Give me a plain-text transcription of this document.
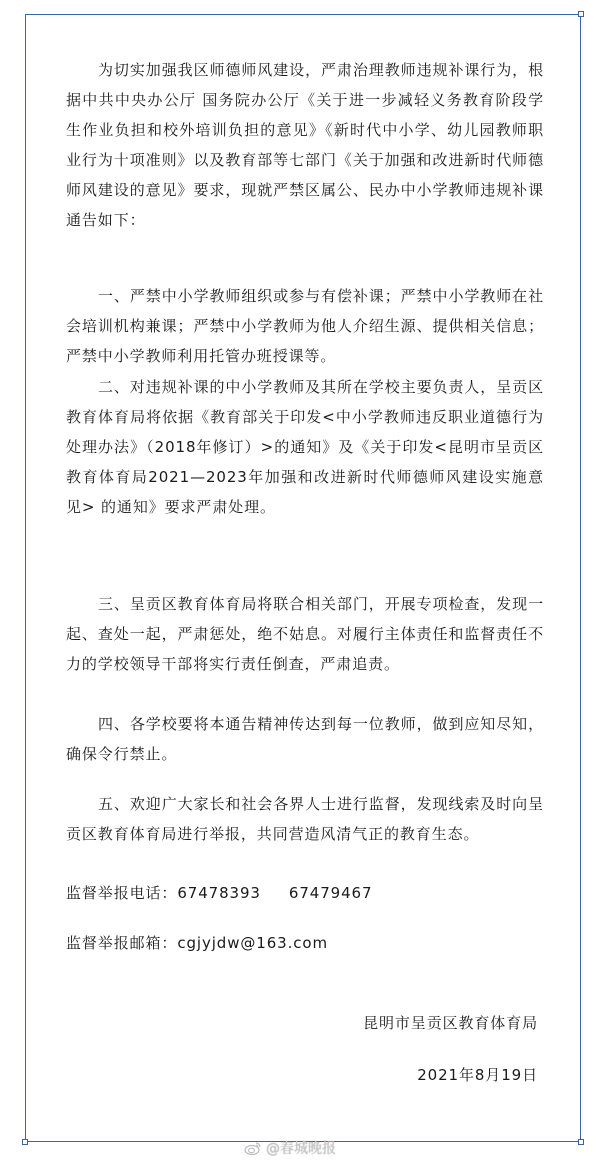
为切实加强我区师德师风建设，严肃治理教师违规补课行为，根据中共中央办公厅 国务院办公厅《关于进一步减轻义务教育阶段学生作业负担和校外培训负担的意见》《新时代中小学、幼儿园教师职业行为十项准则》以及教育部等七部门《关于加强和改进新时代师德师风建设的意见》要求，现就严禁区属公、民办中小学教师违规补课通告如下：
一、严禁中小学教师组织或参与有偿补课；严禁中小学教师在社会培训机构兼课；严禁中小学教师为他人介绍生源、提供相关信息；严禁中小学教师利用托管办班授课等。
二、对违规补课的中小学教师及其所在学校主要负责人，呈贡区教育体育局将依据《教育部关于印发<中小学教师违反职业道德行为处理办法》（2018年修订）>的通知》及《关于印发<昆明市呈贡区教育体育局2021—2023年加强和改进新时代师德师风建设实施意见> 的通知》要求严肃处理。
三、呈贡区教育体育局将联合相关部门，开展专项检查，发现一起、查处一起，严肃惩处，绝不姑息。对履行主体责任和监督责任不力的学校领导干部将实行责任倒查，严肃追责。
四、各学校要将本通告精神传达到每一位教师，做到应知尽知，确保令行禁止。
五、欢迎广大家长和社会各界人士进行监督，发现线索及时向呈贡区教育体育局进行举报，共同营造风清气正的教育生态。
监督举报电话：67478393 67479467
监督举报邮箱：cgjyjdw@163.com
昆明市呈贡区教育体育局
2021年8月19日
@春城晚报
